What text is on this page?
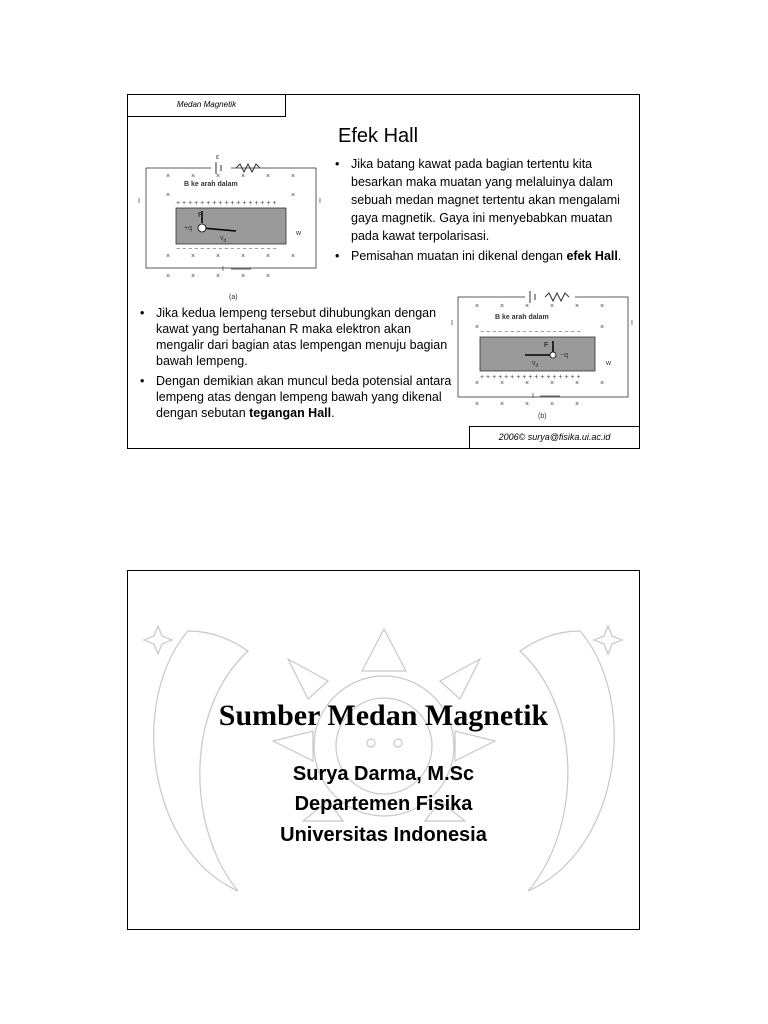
Medan Magnetik
Efek Hall
ε
B ke arah dalam
×	×	×	×	×	×
×	×
×	×	×	×	×	×
×	×	×	×	×
+ + + + + + + + + + + + + + + + +
− − − − − − − − − − − − − − − − −
F
+q
$v_d$
w
I
I	I
(a)
• Jika batang kawat pada bagian tertentu kita besarkan maka muatan yang melaluinya dalam sebuah medan magnet tertentu akan mengalami gaya magnetik. Gaya ini menyebabkan muatan pada kawat terpolarisasi.
• Pemisahan muatan ini dikenal dengan efek Hall.
B ke arah dalam
×	×	×	×	×	×
×	×
×	×	×	×	×	×
×	×	×	×	×
− − − − − − − − − − − − − − − − −
+ + + + + + + + + + + + + + + + +
F
−q
$v_d$	w
I
I	I
(b)
• Jika kedua lempeng tersebut dihubungkan dengan kawat yang bertahanan R maka elektron akan mengalir dari bagian atas lempengan menuju bagian bawah lempeng.
• Dengan demikian akan muncul beda potensial antara lempeng atas dengan lempeng bawah yang dikenal dengan sebutan tegangan Hall.
2006© surya@fisika.ui.ac.id
Sumber Medan Magnetik
Surya Darma, M.Sc
Departemen Fisika
Universitas Indonesia
